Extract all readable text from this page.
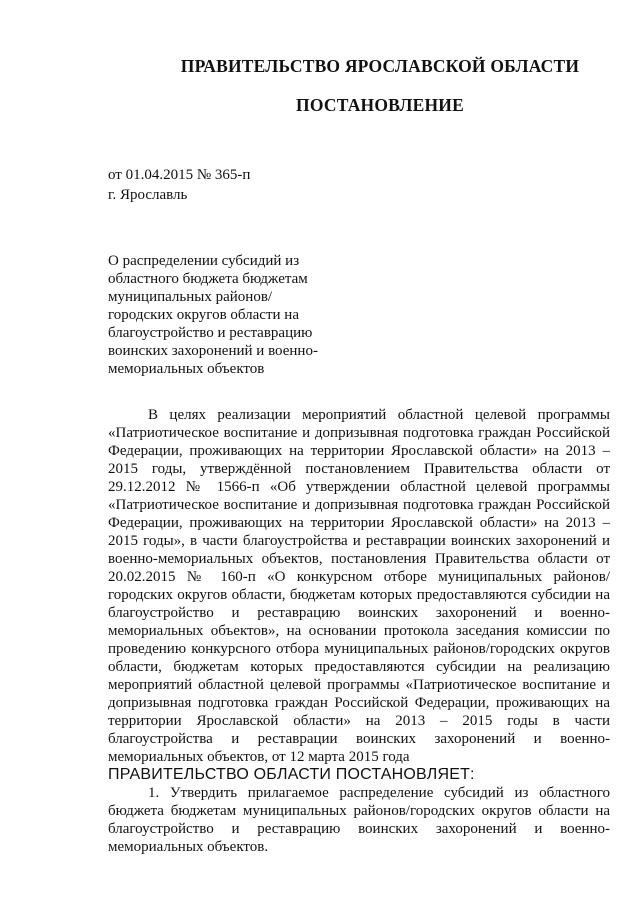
ПРАВИТЕЛЬСТВО ЯРОСЛАВСКОЙ ОБЛАСТИ
ПОСТАНОВЛЕНИЕ
от 01.04.2015 № 365-п
г. Ярославль
О распределении субсидий из
областного бюджета бюджетам
муниципальных районов/
городских округов области на
благоустройство и реставрацию
воинских захоронений и военно-
мемориальных объектов

В целях реализации мероприятий областной целевой программы «Патриотическое воспитание и допризывная подготовка граждан Российской Федерации, проживающих на территории Ярославской области» на 2013 – 2015 годы, утверждённой постановлением Правительства области от 29.12.2012 № 1566-п «Об утверждении областной целевой программы «Патриотическое воспитание и допризывная подготовка граждан Российской Федерации, проживающих на территории Ярославской области» на 2013 – 2015 годы», в части благоустройства и реставрации воинских захоронений и военно-мемориальных объектов, постановления Правительства области от 20.02.2015 № 160-п «О конкурсном отборе муниципальных районов/городских округов области, бюджетам которых предоставляются субсидии на благоустройство и реставрацию воинских захоронений и военно-мемориальных объектов», на основании протокола заседания комиссии по проведению конкурсного отбора муниципальных районов/городских округов области, бюджетам которых предоставляются субсидии на реализацию мероприятий областной целевой программы «Патриотическое воспитание и допризывная подготовка граждан Российской Федерации, проживающих на территории Ярославской области» на 2013 – 2015 годы в части благоустройства и реставрации воинских захоронений и военно-мемориальных объектов, от 12 марта 2015 года

ПРАВИТЕЛЬСТВО ОБЛАСТИ ПОСТАНОВЛЯЕТ:

1. Утвердить прилагаемое распределение субсидий из областного бюджета бюджетам муниципальных районов/городских округов области на благоустройство и реставрацию воинских захоронений и военно-мемориальных объектов.
